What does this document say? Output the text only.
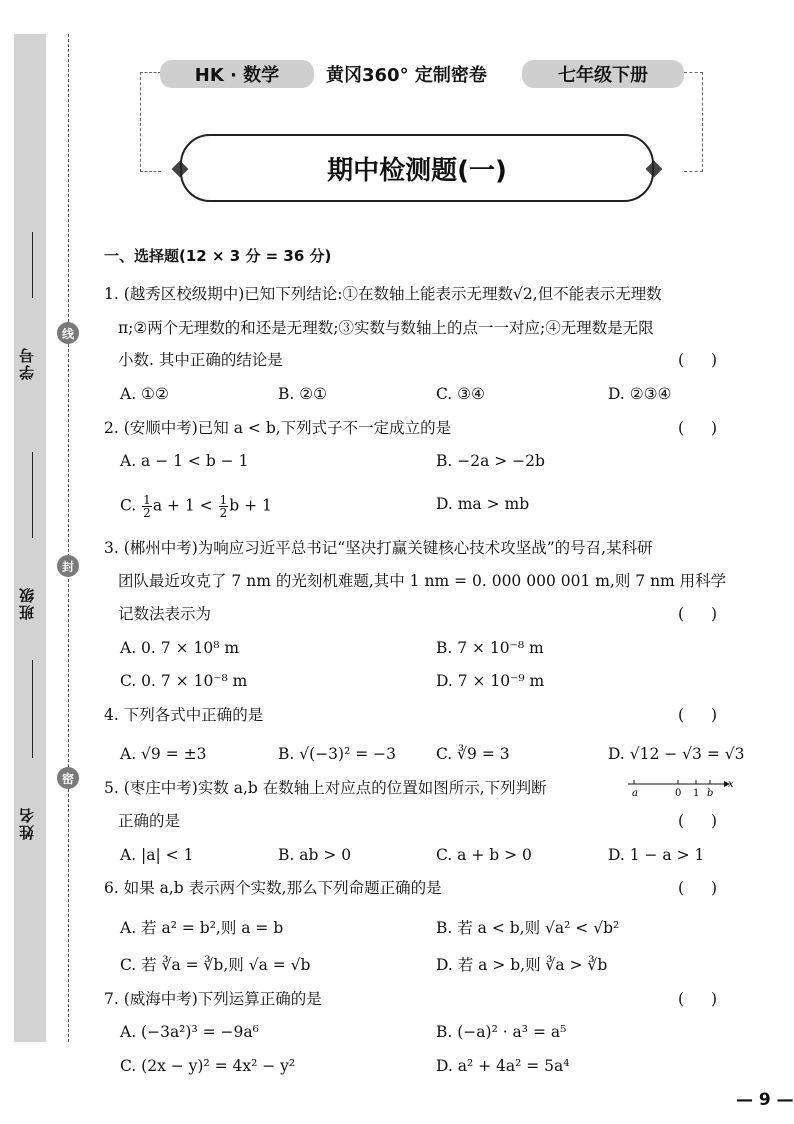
学号
班级
姓名
线
封
密
HK · 数学	黄冈360° 定制密卷	七年级下册
期中检测题(一)
一、选择题(12 × 3 分 = 36 分)
1. (越秀区校级期中)已知下列结论:①在数轴上能表示无理数√2,但不能表示无理数
π;②两个无理数的和还是无理数;③实数与数轴上的点一一对应;④无理数是无限
小数. 其中正确的结论是	( )
A. ①②	B. ②①	C. ③④	D. ②③④
2. (安顺中考)已知 a < b,下列式子不一定成立的是	( )
A. a − 1 < b − 1	B. −2a > −2b
C. $\frac{1}{2}$ $a + 1 < \frac{1}{2}$ b + 1	D. ma > mb
3. (郴州中考)为响应习近平总书记“坚决打赢关键核心技术攻坚战”的号召,某科研
团队最近攻克了 7 nm 的光刻机难题,其中 1 nm = 0. 000 000 001 m,则 7 nm 用科学
记数法表示为	( )
A. 0. 7 × 10⁸ m	B. 7 × 10⁻⁸ m
C. 0. 7 × 10⁻⁸ m	D. 7 × 10⁻⁹ m
4. 下列各式中正确的是	( )
A. √9 = ±3	B. √(−3)² = −3	C. ∛9 = 3	D. √12 − √3 = √3
5. (枣庄中考)实数 a,b 在数轴上对应点的位置如图所示,下列判断	a	0 1 b
x
正确的是	( )
A. |a| < 1	B. ab > 0	C. a + b > 0	D. 1 − a > 1
6. 如果 a,b 表示两个实数,那么下列命题正确的是	( )
A. 若 a² = b²,则 a = b	B. 若 a < b,则 √a² < √b²
C. 若 ∛a = ∛b,则 √a = √b	D. 若 a > b,则 ∛a > ∛b
7. (威海中考)下列运算正确的是	( )
A. (−3a²)³ = −9a⁶	B. (−a)² · a³ = a⁵
C. (2x − y)² = 4x² − y²	D. a² + 4a² = 5a⁴
— 9 —
